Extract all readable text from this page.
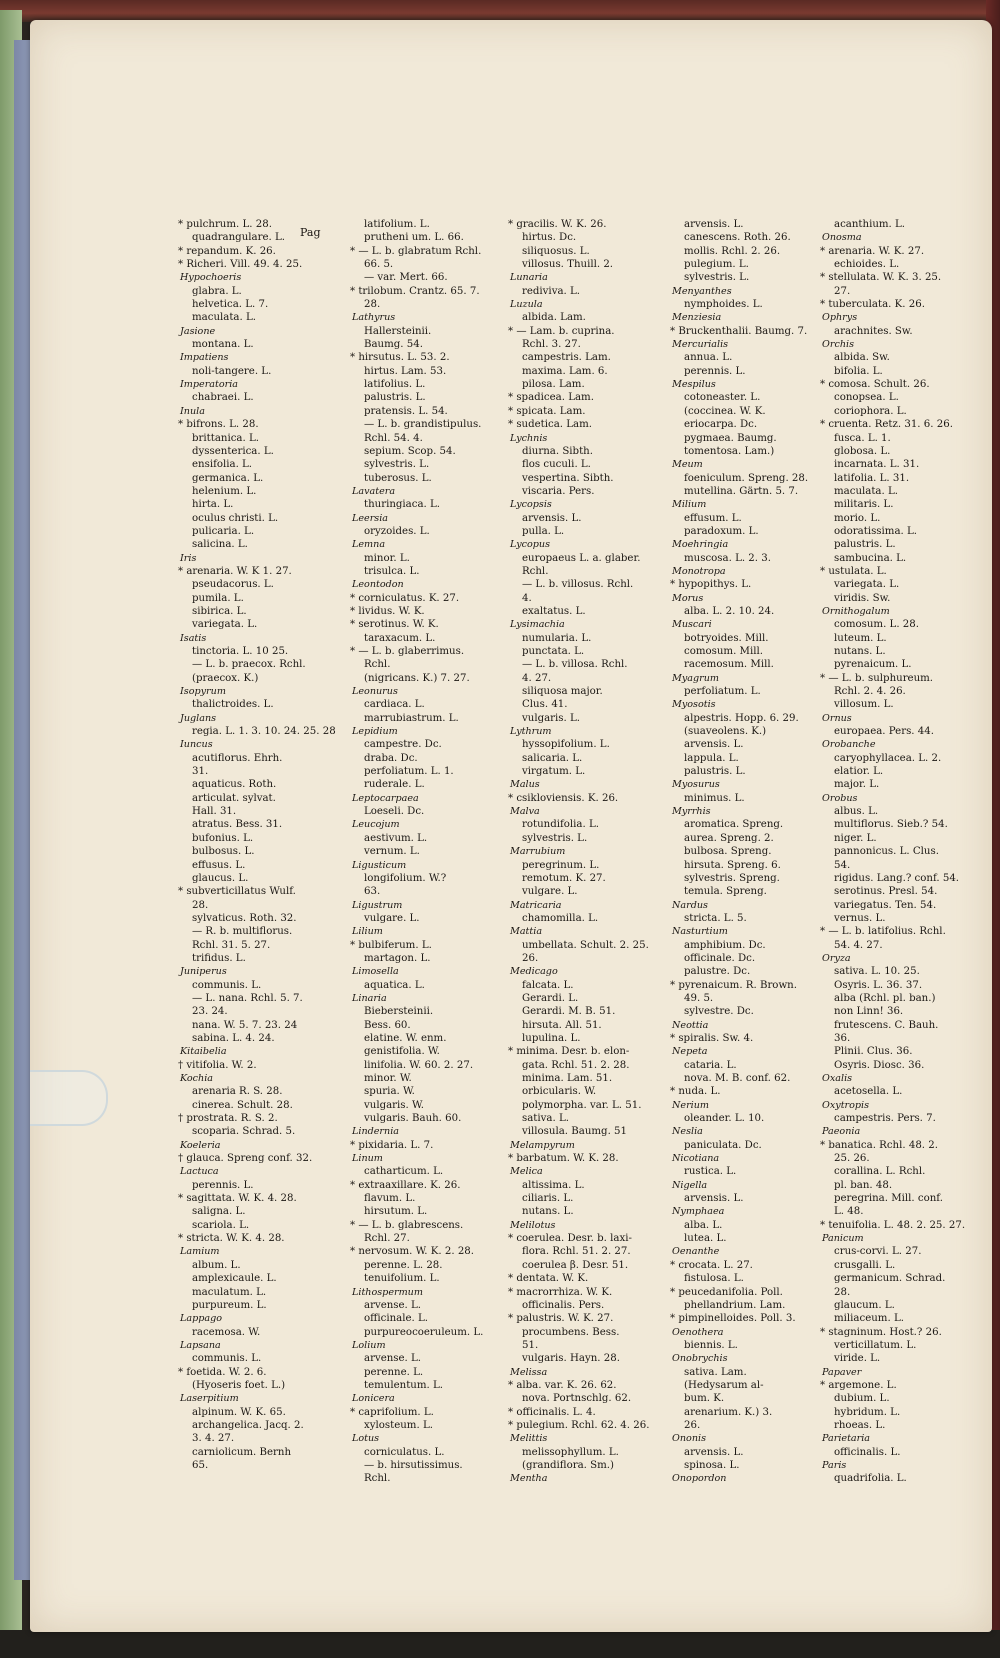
Pag
* pulchrum. L. 28.
quadrangulare. L.
* repandum. K. 26.
* Richeri. Vill. 49. 4. 25.
Hypochoeris
glabra. L.
helvetica. L. 7.
maculata. L.
Jasione
montana. L.
Impatiens
noli-tangere. L.
Imperatoria
chabraei. L.
Inula
* bifrons. L. 28.
brittanica. L.
dyssenterica. L.
ensifolia. L.
germanica. L.
helenium. L.
hirta. L.
oculus christi. L.
pulicaria. L.
salicina. L.
Iris
* arenaria. W. K 1. 27.
pseudacorus. L.
pumila. L.
sibirica. L.
variegata. L.
Isatis
tinctoria. L. 10 25.
— L. b. praecox. Rchl.
(praecox. K.)
Isopyrum
thalictroides. L.
Juglans
regia. L. 1. 3. 10. 24. 25. 28
Iuncus
acutiflorus. Ehrh.
31.
aquaticus. Roth.
articulat. sylvat.
Hall. 31.
atratus. Bess. 31.
bufonius. L.
bulbosus. L.
effusus. L.
glaucus. L.
* subverticillatus Wulf.
28.
sylvaticus. Roth. 32.
— R. b. multiflorus.
Rchl. 31. 5. 27.
trifidus. L.
Juniperus
communis. L.
— L. nana. Rchl. 5. 7.
23. 24.
nana. W. 5. 7. 23. 24
sabina. L. 4. 24.
Kitaibelia
† vitifolia. W. 2.
Kochia
arenaria R. S. 28.
cinerea. Schult. 28.
† prostrata. R. S. 2.
scoparia. Schrad. 5.
Koeleria
† glauca. Spreng conf. 32.
Lactuca
perennis. L.
* sagittata. W. K. 4. 28.
saligna. L.
scariola. L.
* stricta. W. K. 4. 28.
Lamium
album. L.
amplexicaule. L.
maculatum. L.
purpureum. L.
Lappago
racemosa. W.
Lapsana
communis. L.
* foetida. W. 2. 6.
(Hyoseris foet. L.)
Laserpitium
alpinum. W. K. 65.
archangelica. Jacq. 2.
3. 4. 27.
carniolicum. Bernh
65.
latifolium. L.
prutheni um. L. 66.
* — L. b. glabratum Rchl.
66. 5.
— var. Mert. 66.
* trilobum. Crantz. 65. 7.
28.
Lathyrus
Hallersteinii.
Baumg. 54.
* hirsutus. L. 53. 2.
hirtus. Lam. 53.
latifolius. L.
palustris. L.
pratensis. L. 54.
— L. b. grandistipulus.
Rchl. 54. 4.
sepium. Scop. 54.
sylvestris. L.
tuberosus. L.
Lavatera
thuringiaca. L.
Leersia
oryzoides. L.
Lemna
minor. L.
trisulca. L.
Leontodon
* corniculatus. K. 27.
* lividus. W. K.
* serotinus. W. K.
taraxacum. L.
* — L. b. glaberrimus.
Rchl.
(nigricans. K.) 7. 27.
Leonurus
cardiaca. L.
marrubiastrum. L.
Lepidium
campestre. Dc.
draba. Dc.
perfoliatum. L. 1.
ruderale. L.
Leptocarpaea
Loeseli. Dc.
Leucojum
aestivum. L.
vernum. L.
Ligusticum
longifolium. W.?
63.
Ligustrum
vulgare. L.
Lilium
* bulbiferum. L.
martagon. L.
Limosella
aquatica. L.
Linaria
Biebersteinii.
Bess. 60.
elatine. W. enm.
genistifolia. W.
linifolia. W. 60. 2. 27.
minor. W.
spuria. W.
vulgaris. W.
vulgaris. Bauh. 60.
Lindernia
* pixidaria. L. 7.
Linum
catharticum. L.
* extraaxillare. K. 26.
flavum. L.
hirsutum. L.
* — L. b. glabrescens.
Rchl. 27.
* nervosum. W. K. 2. 28.
perenne. L. 28.
tenuifolium. L.
Lithospermum
arvense. L.
officinale. L.
purpureocoeruleum. L.
Lolium
arvense. L.
perenne. L.
temulentum. L.
Lonicera
* caprifolium. L.
xylosteum. L.
Lotus
corniculatus. L.
— b. hirsutissimus.
Rchl.
* gracilis. W. K. 26.
hirtus. Dc.
siliquosus. L.
villosus. Thuill. 2.
Lunaria
rediviva. L.
Luzula
albida. Lam.
* — Lam. b. cuprina.
Rchl. 3. 27.
campestris. Lam.
maxima. Lam. 6.
pilosa. Lam.
* spadicea. Lam.
* spicata. Lam.
* sudetica. Lam.
Lychnis
diurna. Sibth.
flos cuculi. L.
vespertina. Sibth.
viscaria. Pers.
Lycopsis
arvensis. L.
pulla. L.
Lycopus
europaeus L. a. glaber.
Rchl.
— L. b. villosus. Rchl.
4.
exaltatus. L.
Lysimachia
numularia. L.
punctata. L.
— L. b. villosa. Rchl.
4. 27.
siliquosa major.
Clus. 41.
vulgaris. L.
Lythrum
hyssopifolium. L.
salicaria. L.
virgatum. L.
Malus
* csikloviensis. K. 26.
Malva
rotundifolia. L.
sylvestris. L.
Marrubium
peregrinum. L.
remotum. K. 27.
vulgare. L.
Matricaria
chamomilla. L.
Mattia
umbellata. Schult. 2. 25.
26.
Medicago
falcata. L.
Gerardi. L.
Gerardi. M. B. 51.
hirsuta. All. 51.
lupulina. L.
* minima. Desr. b. elon-
gata. Rchl. 51. 2. 28.
minima. Lam. 51.
orbicularis. W.
polymorpha. var. L. 51.
sativa. L.
villosula. Baumg. 51
Melampyrum
* barbatum. W. K. 28.
Melica
altissima. L.
ciliaris. L.
nutans. L.
Melilotus
* coerulea. Desr. b. laxi-
flora. Rchl. 51. 2. 27.
coerulea β. Desr. 51.
* dentata. W. K.
* macrorrhiza. W. K.
officinalis. Pers.
* palustris. W. K. 27.
procumbens. Bess.
51.
vulgaris. Hayn. 28.
Melissa
* alba. var. K. 26. 62.
nova. Portnschlg. 62.
* officinalis. L. 4.
* pulegium. Rchl. 62. 4. 26.
Melittis
melissophyllum. L.
(grandiflora. Sm.)
Mentha
arvensis. L.
canescens. Roth. 26.
mollis. Rchl. 2. 26.
pulegium. L.
sylvestris. L.
Menyanthes
nymphoides. L.
Menziesia
* Bruckenthalii. Baumg. 7.
Mercurialis
annua. L.
perennis. L.
Mespilus
cotoneaster. L.
(coccinea. W. K.
eriocarpa. Dc.
pygmaea. Baumg.
tomentosa. Lam.)
Meum
foeniculum. Spreng. 28.
mutellina. Gärtn. 5. 7.
Milium
effusum. L.
paradoxum. L.
Moehringia
muscosa. L. 2. 3.
Monotropa
* hypopithys. L.
Morus
alba. L. 2. 10. 24.
Muscari
botryoides. Mill.
comosum. Mill.
racemosum. Mill.
Myagrum
perfoliatum. L.
Myosotis
alpestris. Hopp. 6. 29.
(suaveolens. K.)
arvensis. L.
lappula. L.
palustris. L.
Myosurus
minimus. L.
Myrrhis
aromatica. Spreng.
aurea. Spreng. 2.
bulbosa. Spreng.
hirsuta. Spreng. 6.
sylvestris. Spreng.
temula. Spreng.
Nardus
stricta. L. 5.
Nasturtium
amphibium. Dc.
officinale. Dc.
palustre. Dc.
* pyrenaicum. R. Brown.
49. 5.
sylvestre. Dc.
Neottia
* spiralis. Sw. 4.
Nepeta
cataria. L.
nova. M. B. conf. 62.
* nuda. L.
Nerium
oleander. L. 10.
Neslia
paniculata. Dc.
Nicotiana
rustica. L.
Nigella
arvensis. L.
Nymphaea
alba. L.
lutea. L.
Oenanthe
* crocata. L. 27.
fistulosa. L.
* peucedanifolia. Poll.
phellandrium. Lam.
* pimpinelloides. Poll. 3.
Oenothera
biennis. L.
Onobrychis
sativa. Lam.
(Hedysarum al-
bum. K.
arenarium. K.) 3.
26.
Ononis
arvensis. L.
spinosa. L.
Onopordon
acanthium. L.
Onosma
* arenaria. W. K. 27.
echioides. L.
* stellulata. W. K. 3. 25.
27.
* tuberculata. K. 26.
Ophrys
arachnites. Sw.
Orchis
albida. Sw.
bifolia. L.
* comosa. Schult. 26.
conopsea. L.
coriophora. L.
* cruenta. Retz. 31. 6. 26.
fusca. L. 1.
globosa. L.
incarnata. L. 31.
latifolia. L. 31.
maculata. L.
militaris. L.
morio. L.
odoratissima. L.
palustris. L.
sambucina. L.
* ustulata. L.
variegata. L.
viridis. Sw.
Ornithogalum
comosum. L. 28.
luteum. L.
nutans. L.
pyrenaicum. L.
* — L. b. sulphureum.
Rchl. 2. 4. 26.
villosum. L.
Ornus
europaea. Pers. 44.
Orobanche
caryophyllacea. L. 2.
elatior. L.
major. L.
Orobus
albus. L.
multiflorus. Sieb.? 54.
niger. L.
pannonicus. L. Clus.
54.
rigidus. Lang.? conf. 54.
serotinus. Presl. 54.
variegatus. Ten. 54.
vernus. L.
* — L. b. latifolius. Rchl.
54. 4. 27.
Oryza
sativa. L. 10. 25.
Osyris. L. 36. 37.
alba (Rchl. pl. ban.)
non Linn! 36.
frutescens. C. Bauh.
36.
Plinii. Clus. 36.
Osyris. Diosc. 36.
Oxalis
acetosella. L.
Oxytropis
campestris. Pers. 7.
Paeonia
* banatica. Rchl. 48. 2.
25. 26.
corallina. L. Rchl.
pl. ban. 48.
peregrina. Mill. conf.
L. 48.
* tenuifolia. L. 48. 2. 25. 27.
Panicum
crus-corvi. L. 27.
crusgalli. L.
germanicum. Schrad.
28.
glaucum. L.
miliaceum. L.
* stagninum. Host.? 26.
verticillatum. L.
viride. L.
Papaver
* argemone. L.
dubium. L.
hybridum. L.
rhoeas. L.
Parietaria
officinalis. L.
Paris
quadrifolia. L.
